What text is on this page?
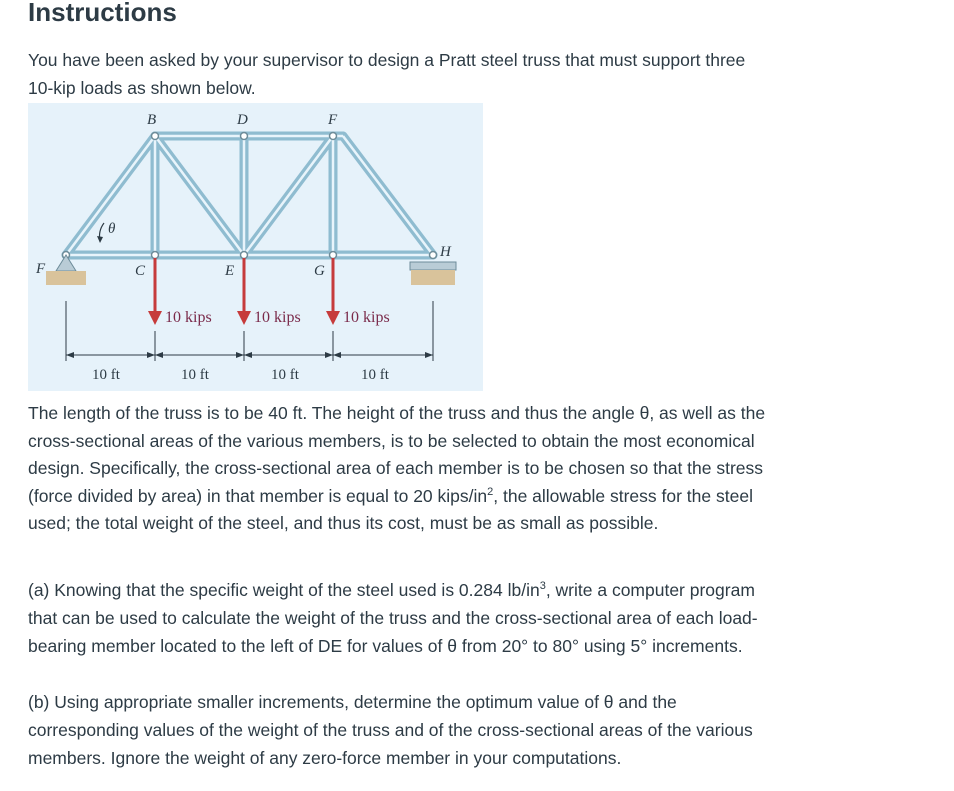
Instructions

You have been asked by your supervisor to design a Pratt steel truss that must support three 10-kip loads as shown below.

θ
B	D	F
F	C	E	G
H
10 kips	10 kips	10 kips
10 ft	10 ft	10 ft	10 ft

The length of the truss is to be 40 ft. The height of the truss and thus the angle θ, as well as the cross-sectional areas of the various members, is to be selected to obtain the most economical design. Specifically, the cross-sectional area of each member is to be chosen so that the stress (force divided by area) in that member is equal to 20 kips/$in^2$, the allowable stress for the steel used; the total weight of the steel, and thus its cost, must be as small as possible.

(a) Knowing that the specific weight of the steel used is 0.284 $lb/in^3$, write a computer program that can be used to calculate the weight of the truss and the cross-sectional area of each load-bearing member located to the left of DE for values of θ from 20° to 80° using 5° increments.

(b) Using appropriate smaller increments, determine the optimum value of θ and the corresponding values of the weight of the truss and of the cross-sectional areas of the various members. Ignore the weight of any zero-force member in your computations.
